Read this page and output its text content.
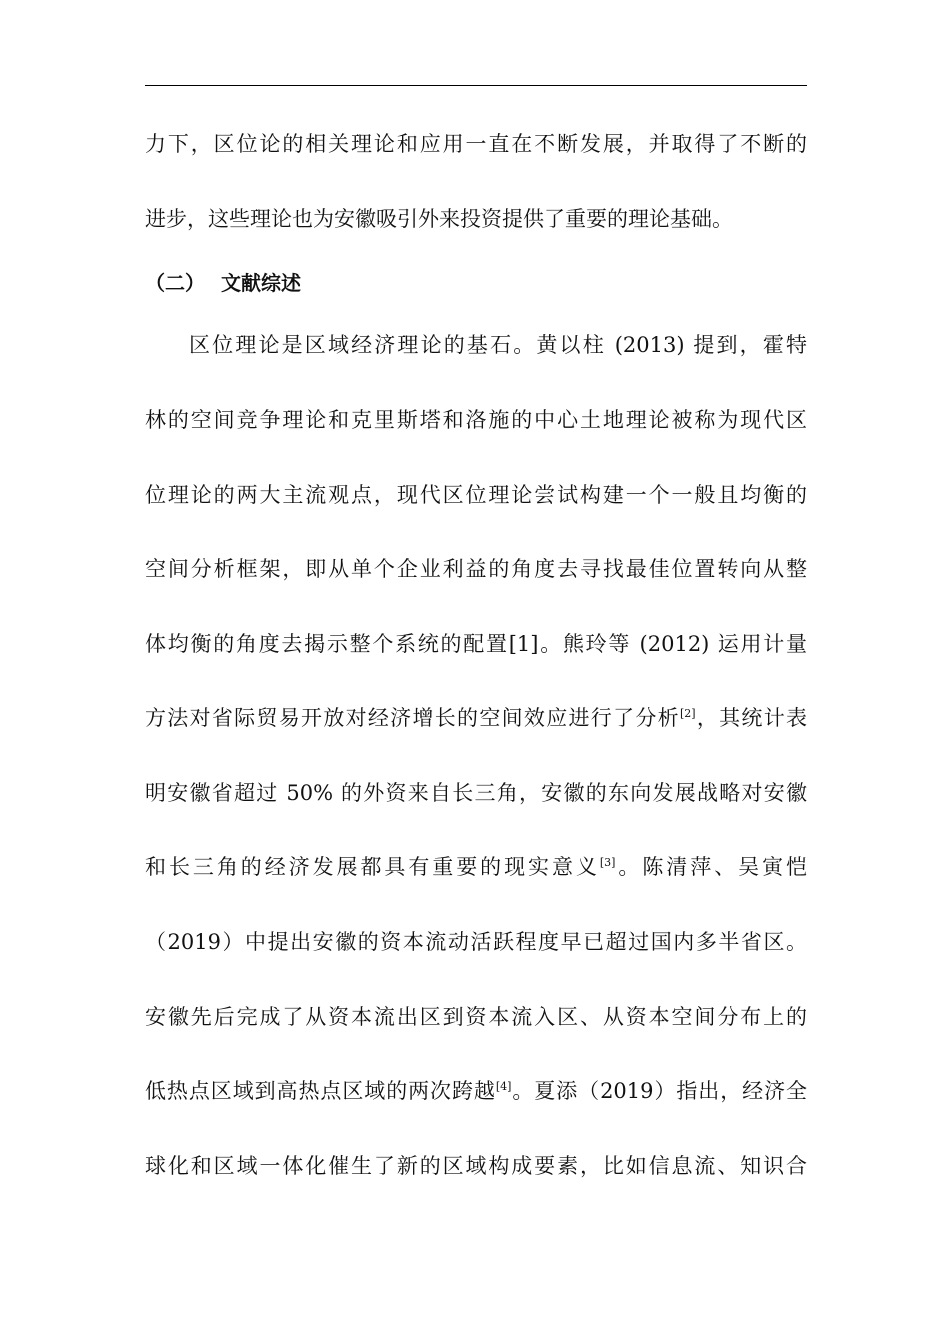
力下，区位论的相关理论和应用一直在不断发展，并取得了不断的
进步，这些理论也为安徽吸引外来投资提供了重要的理论基础。
（二） 文献综述
区位理论是区域经济理论的基石。黄以柱 (2013) 提到，霍特
林的空间竞争理论和克里斯塔和洛施的中心土地理论被称为现代区
位理论的两大主流观点，现代区位理论尝试构建一个一般且均衡的
空间分析框架，即从单个企业利益的角度去寻找最佳位置转向从整
体均衡的角度去揭示整个系统的配置[1]。熊玲等 (2012) 运用计量
方法对省际贸易开放对经济增长的空间效应进行了分析[2]，其统计表
明安徽省超过 50% 的外资来自长三角，安徽的东向发展战略对安徽
和长三角的经济发展都具有重要的现实意义[3]。陈清萍、吴寅恺
（2019）中提出安徽的资本流动活跃程度早已超过国内多半省区。
安徽先后完成了从资本流出区到资本流入区、从资本空间分布上的
低热点区域到高热点区域的两次跨越[4]。夏添（2019）指出，经济全
球化和区域一体化催生了新的区域构成要素，比如信息流、知识合
